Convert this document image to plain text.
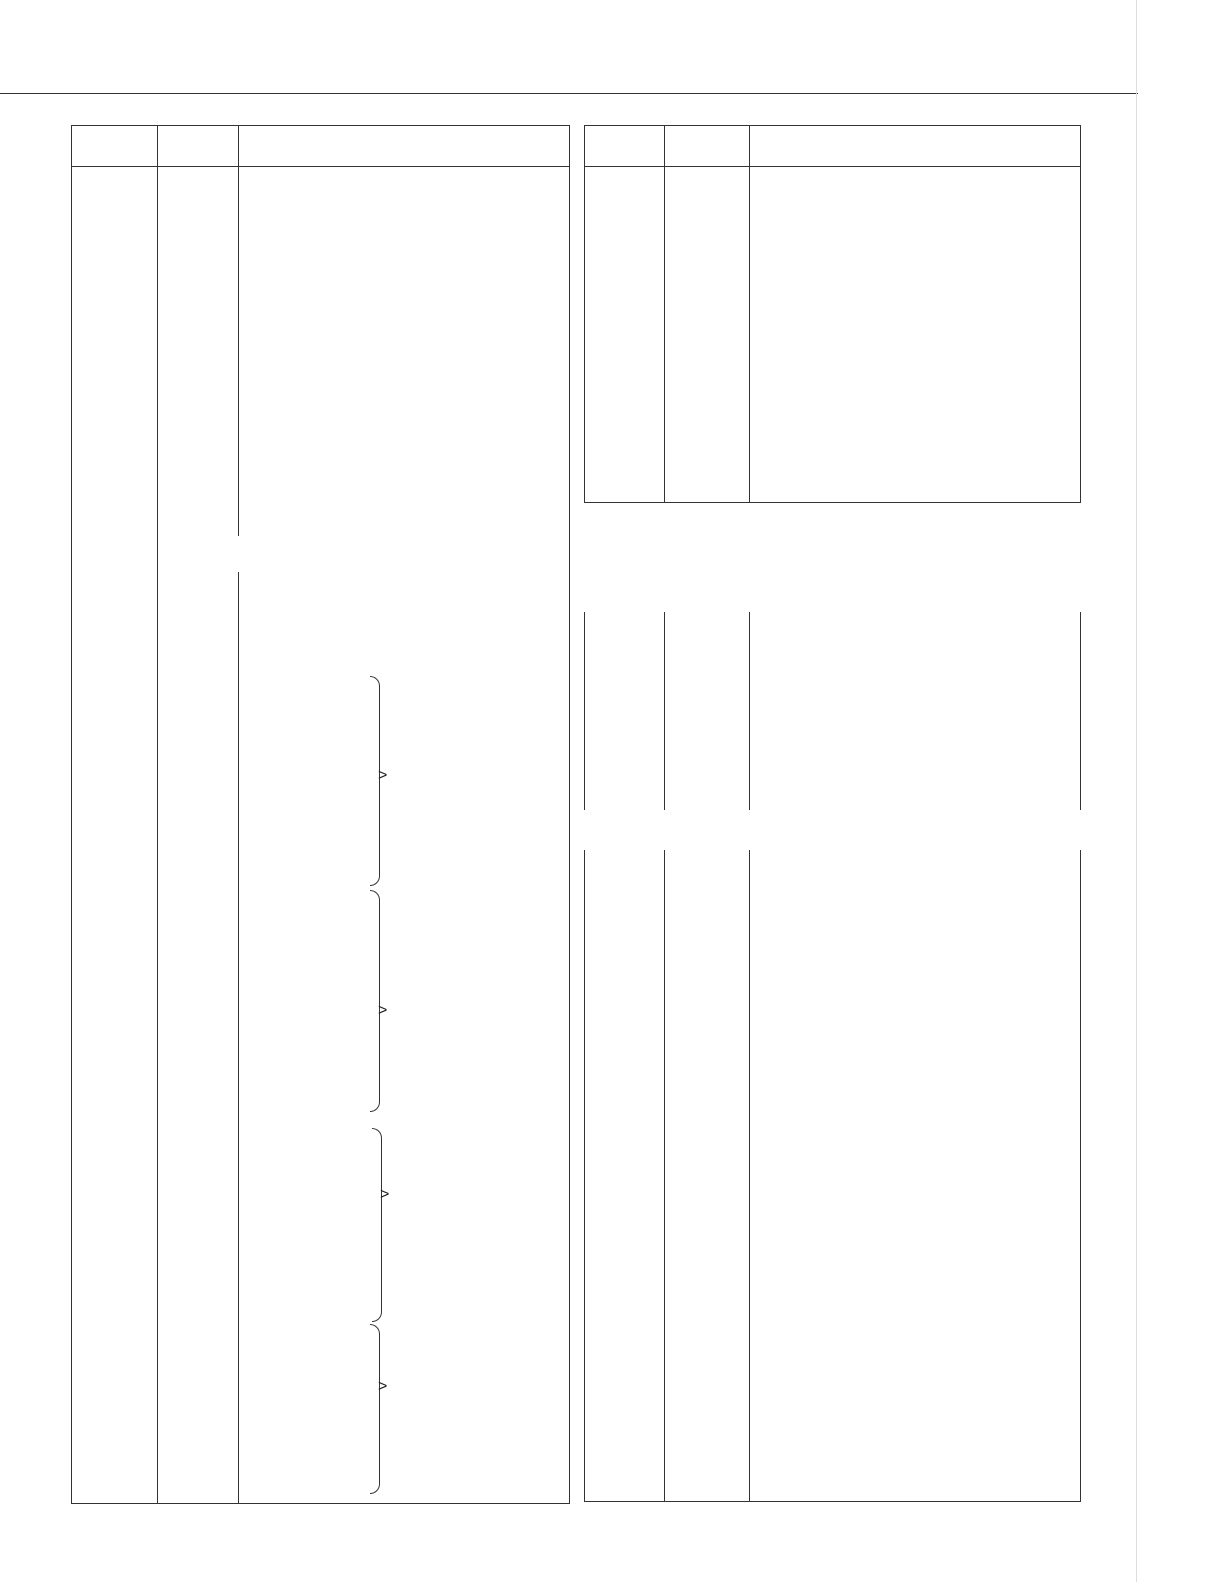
>
>
>
>
